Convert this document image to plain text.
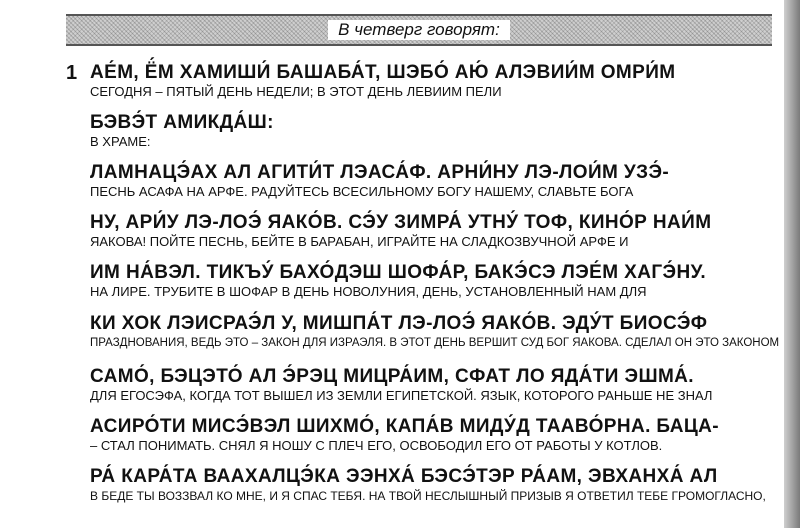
В четверг говорят:
1 АЕ́М, Ё́М ХАМИШИ́ БАШАБА́Т, ШЭБО́ АЮ́ АЛЭВИИ́М ОМРИ́М

СЕГОДНЯ – ПЯТЫЙ ДЕНЬ НЕДЕЛИ; В ЭТОТ ДЕНЬ ЛЕВИИМ ПЕЛИ

БЭВЭ́Т АМИКДА́Ш:

В ХРАМЕ:

ЛАМНАЦЭ́АХ АЛ АГИТИ́Т ЛЭАСА́Ф. АРНИ́НУ ЛЭ-ЛОИ́М УЗЭ́-

ПЕСНЬ АСАФА НА АРФЕ. РАДУЙТЕСЬ ВСЕСИЛЬНОМУ БОГУ НАШЕМУ, СЛАВЬТЕ БОГА

НУ, АРИ́У ЛЭ-ЛОЭ́ ЯАКО́В. СЭ́У ЗИМРА́ УТНУ́ ТОФ, КИНО́Р НАИ́М

ЯАКОВА! ПОЙТЕ ПЕСНЬ, БЕЙТЕ В БАРАБАН, ИГРАЙТЕ НА СЛАДКОЗВУЧНОЙ АРФЕ И

ИМ НА́ВЭЛ. ТИКЪУ́ БАХО́ДЭШ ШОФА́Р, БАКЭ́СЭ ЛЭЕ́М ХАГЭ́НУ.

НА ЛИРЕ. ТРУБИТЕ В ШОФАР В ДЕНЬ НОВОЛУНИЯ, ДЕНЬ, УСТАНОВЛЕННЫЙ НАМ ДЛЯ

КИ ХОК ЛЭИСРАЭ́Л У, МИШПА́Т ЛЭ-ЛОЭ́ ЯАКО́В. ЭДУ́Т БИОСЭ́Ф

ПРАЗДНОВАНИЯ, ВЕДЬ ЭТО – ЗАКОН ДЛЯ ИЗРАЭЛЯ. В ЭТОТ ДЕНЬ ВЕРШИТ СУД БОГ ЯАКОВА. СДЕЛАЛ ОН ЭТО ЗАКОНОМ

САМО́, БЭЦЭТО́ АЛ Э́РЭЦ МИЦРА́ИМ, СФАТ ЛО ЯДА́ТИ ЭШМА́.

ДЛЯ ЕГОСЭФА, КОГДА ТОТ ВЫШЕЛ ИЗ ЗЕМЛИ ЕГИПЕТСКОЙ. ЯЗЫК, КОТОРОГО РАНЬШЕ НЕ ЗНАЛ

АСИРО́ТИ МИСЭ́ВЭЛ ШИХМО́, КАПА́В МИДУ́Д ТААВО́РНА. БАЦА-

– СТАЛ ПОНИМАТЬ. СНЯЛ Я НОШУ С ПЛЕЧ ЕГО, ОСВОБОДИЛ ЕГО ОТ РАБОТЫ У КОТЛОВ.

РА́ КАРА́ТА ВААХАЛЦЭ́КА ЭЭНХА́ БЭСЭ́ТЭР РА́АМ, ЭВХАНХА́ АЛ

В БЕДЕ ТЫ ВОЗЗВАЛ КО МНЕ, И Я СПАС ТЕБЯ. НА ТВОЙ НЕСЛЫШНЫЙ ПРИЗЫВ Я ОТВЕТИЛ ТЕБЕ ГРОМОГЛАСНО,
